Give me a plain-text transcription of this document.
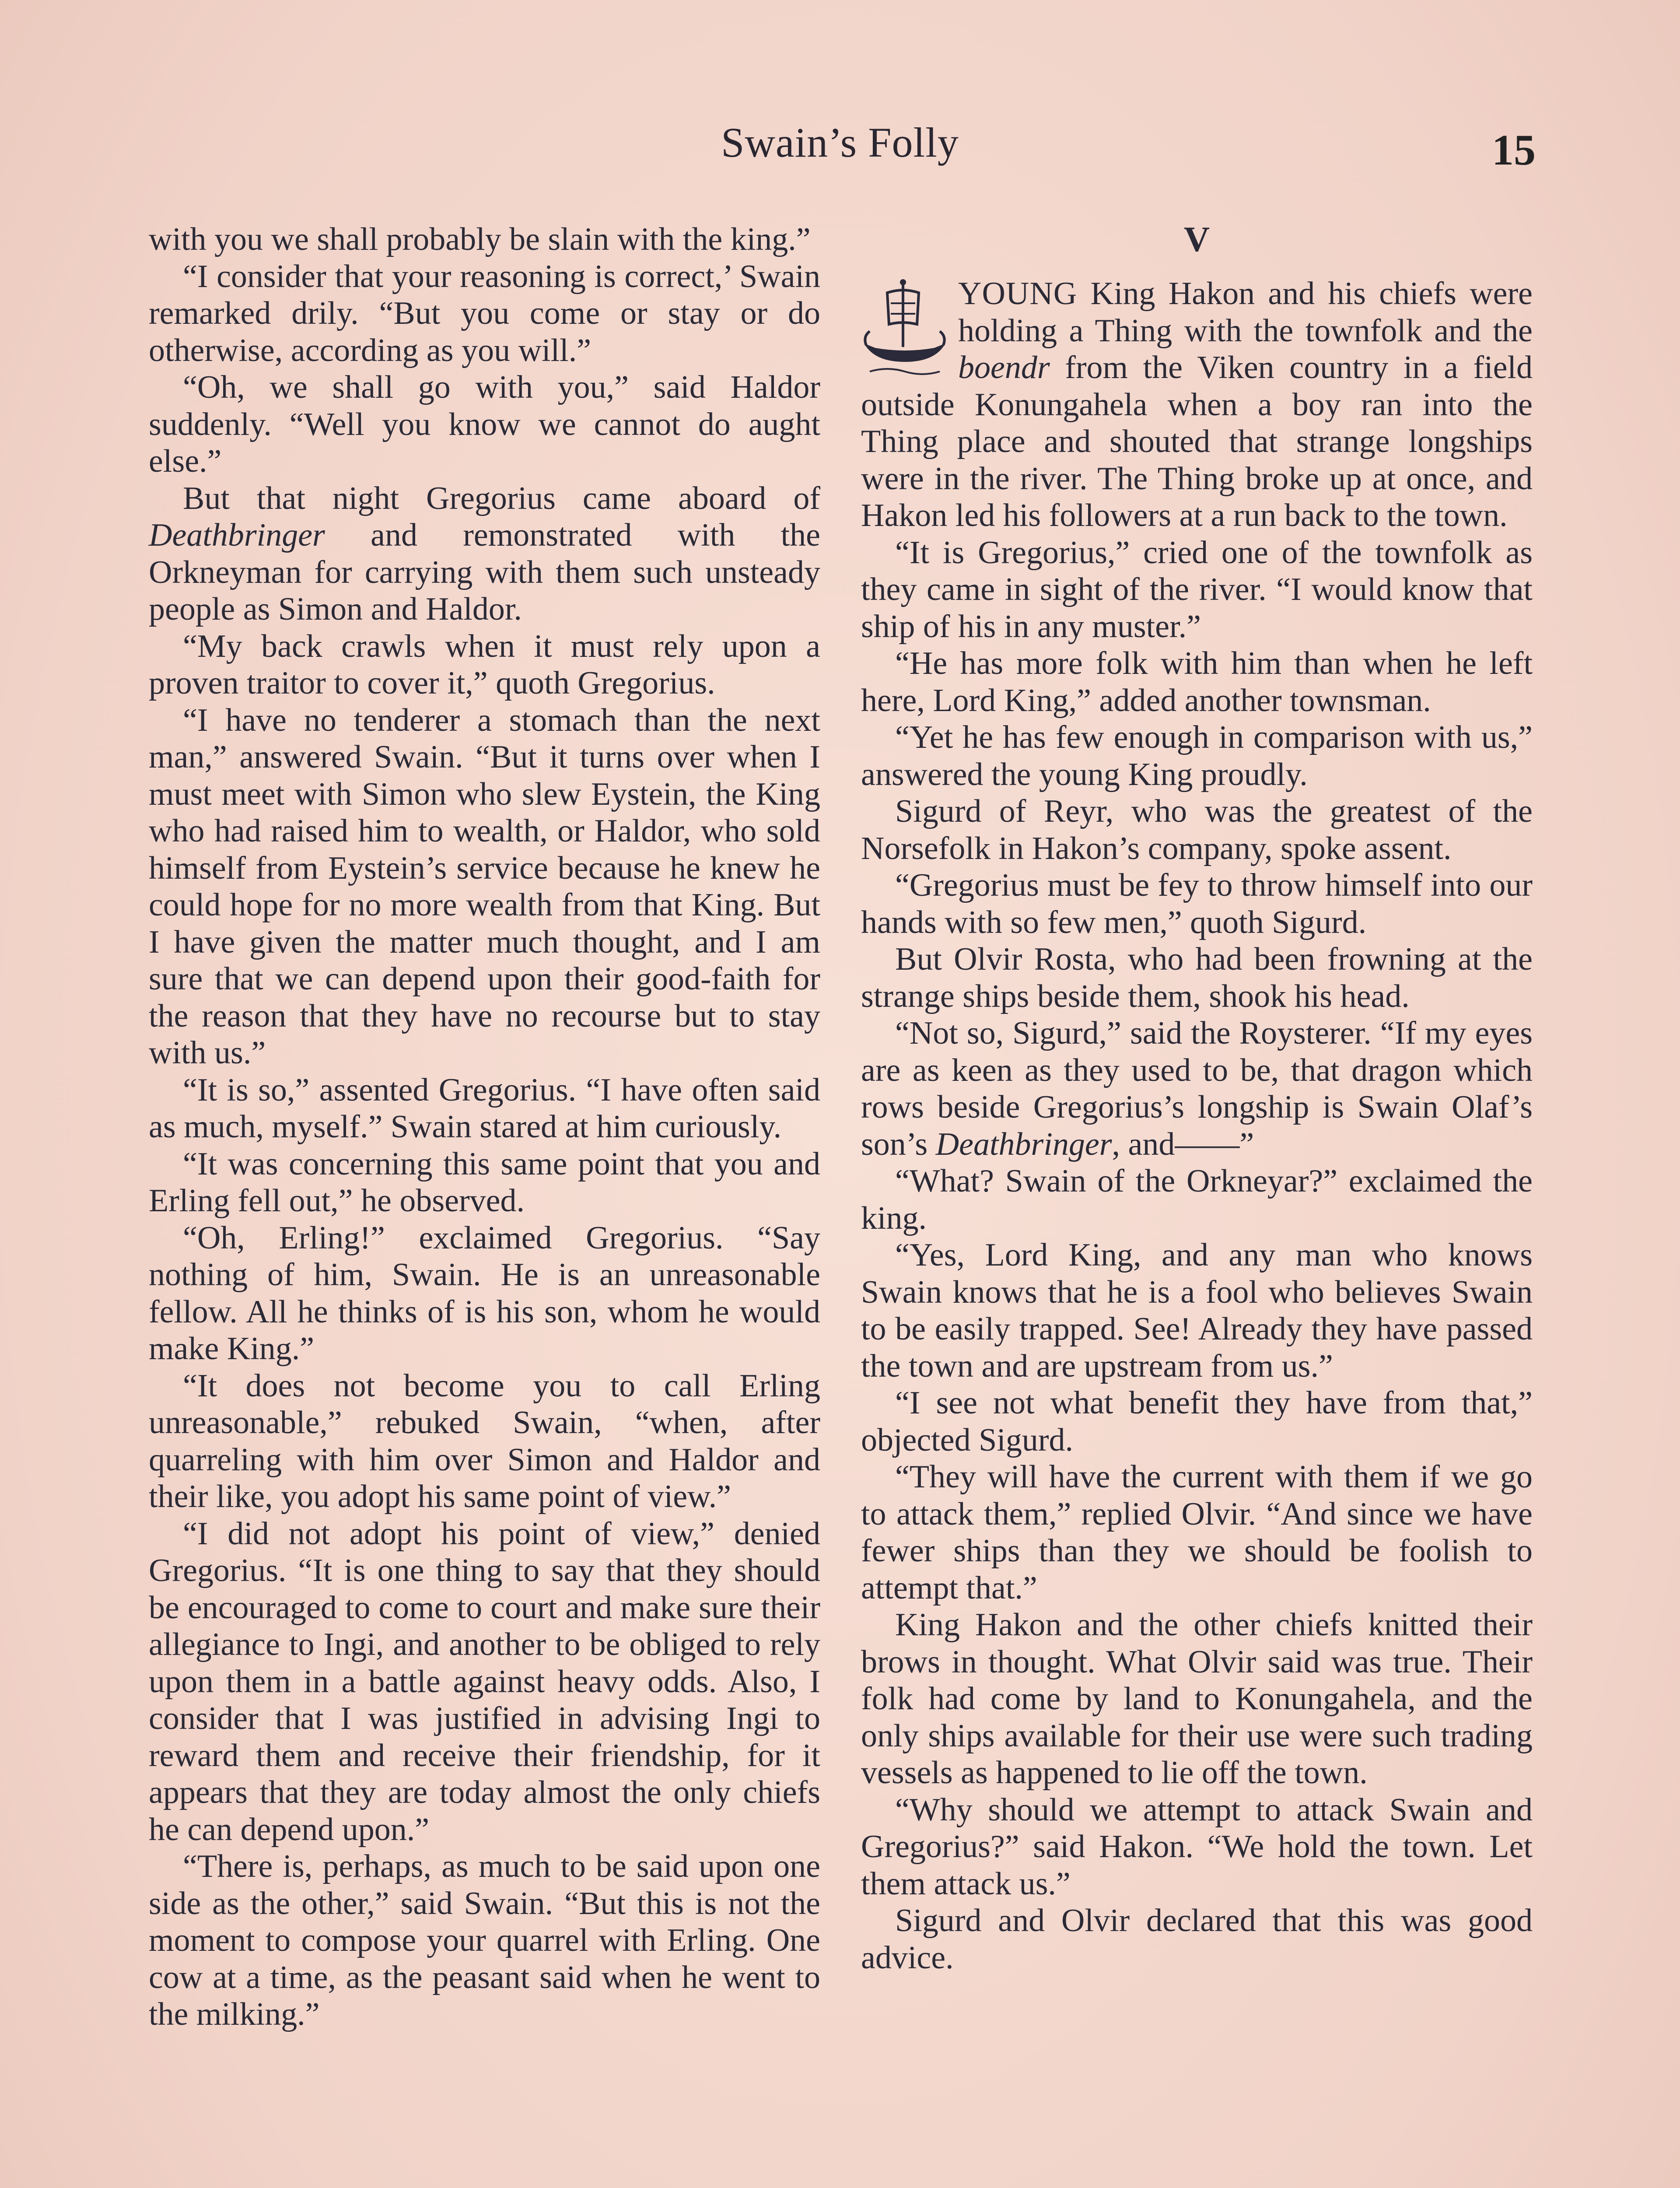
Swain’s Folly	15

with you we shall probably be slain with the king.”

“I consider that your reasoning is correct,’ Swain remarked drily. “But you come or stay or do otherwise, according as you will.”

“Oh, we shall go with you,” said Haldor suddenly. “Well you know we cannot do aught else.”

But that night Gregorius came aboard of Deathbringer and remonstrated with the Orkneyman for carrying with them such unsteady people as Simon and Haldor.

“My back crawls when it must rely upon a proven traitor to cover it,” quoth Gregorius.

“I have no tenderer a stomach than the next man,” answered Swain. “But it turns over when I must meet with Simon who slew Eystein, the King who had raised him to wealth, or Haldor, who sold himself from Eystein’s service because he knew he could hope for no more wealth from that King. But I have given the matter much thought, and I am sure that we can depend upon their good-faith for the reason that they have no recourse but to stay with us.”

“It is so,” assented Gregorius. “I have often said as much, myself.” Swain stared at him curiously.

“It was concerning this same point that you and Erling fell out,” he observed.

“Oh, Erling!” exclaimed Gregorius. “Say nothing of him, Swain. He is an unreasonable fellow. All he thinks of is his son, whom he would make King.”

“It does not become you to call Erling unreasonable,” rebuked Swain, “when, after quarreling with him over Simon and Haldor and their like, you adopt his same point of view.”

“I did not adopt his point of view,” denied Gregorius. “It is one thing to say that they should be encouraged to come to court and make sure their allegiance to Ingi, and another to be obliged to rely upon them in a battle against heavy odds. Also, I consider that I was justified in advising Ingi to reward them and receive their friendship, for it appears that they are today almost the only chiefs he can depend upon.”

“There is, perhaps, as much to be said upon one side as the other,” said Swain. “But this is not the moment to compose your quarrel with Erling. One cow at a time, as the peasant said when he went to the milking.”

V

YOUNG King Hakon and his chiefs were holding a Thing with the townfolk and the boendr from the Viken country in a field outside Konungahela when a boy ran into the Thing place and shouted that strange longships were in the river. The Thing broke up at once, and Hakon led his followers at a run back to the town.

“It is Gregorius,” cried one of the townfolk as they came in sight of the river. “I would know that ship of his in any muster.”

“He has more folk with him than when he left here, Lord King,” added another townsman.

“Yet he has few enough in comparison with us,” answered the young King proudly.

Sigurd of Reyr, who was the greatest of the Norsefolk in Hakon’s company, spoke assent.

“Gregorius must be fey to throw himself into our hands with so few men,” quoth Sigurd.

But Olvir Rosta, who had been frowning at the strange ships beside them, shook his head.

“Not so, Sigurd,” said the Roysterer. “If my eyes are as keen as they used to be, that dragon which rows beside Gregorius’s longship is Swain Olaf’s son’s Deathbringer, and——”

“What? Swain of the Orkneyar?” exclaimed the king.

“Yes, Lord King, and any man who knows Swain knows that he is a fool who believes Swain to be easily trapped. See! Already they have passed the town and are upstream from us.”

“I see not what benefit they have from that,” objected Sigurd.

“They will have the current with them if we go to attack them,” replied Olvir. “And since we have fewer ships than they we should be foolish to attempt that.”

King Hakon and the other chiefs knitted their brows in thought. What Olvir said was true. Their folk had come by land to Konungahela, and the only ships available for their use were such trading vessels as happened to lie off the town.

“Why should we attempt to attack Swain and Gregorius?” said Hakon. “We hold the town. Let them attack us.”

Sigurd and Olvir declared that this was good advice.
